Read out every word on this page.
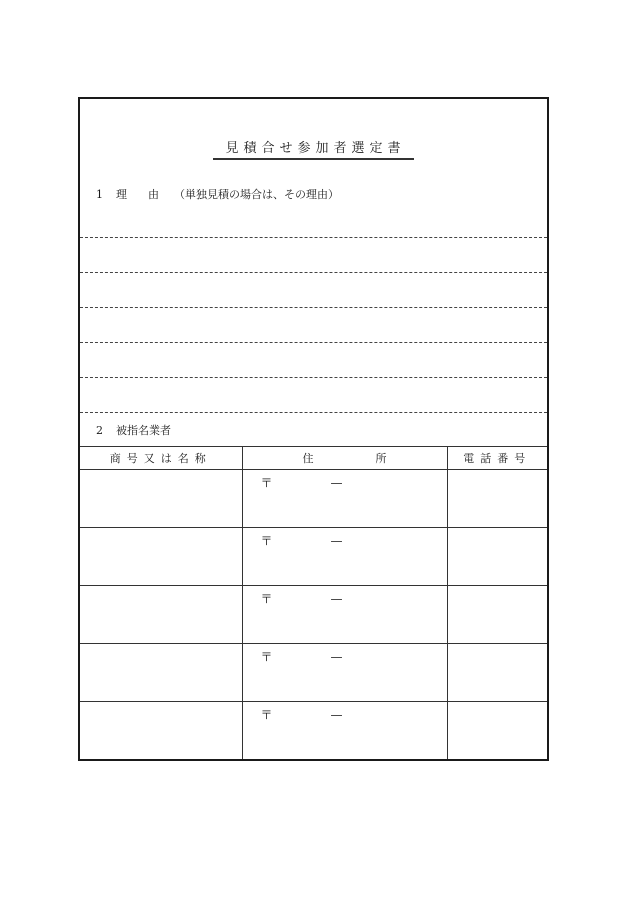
見積合せ参加者選定書
1 理 由 （単独見積の場合は、その理由）
2 被指名業者
商号又は名称	住 所	電話番号

	〒 —	

	〒 —	

	〒 —	

	〒 —	

	〒 —	
